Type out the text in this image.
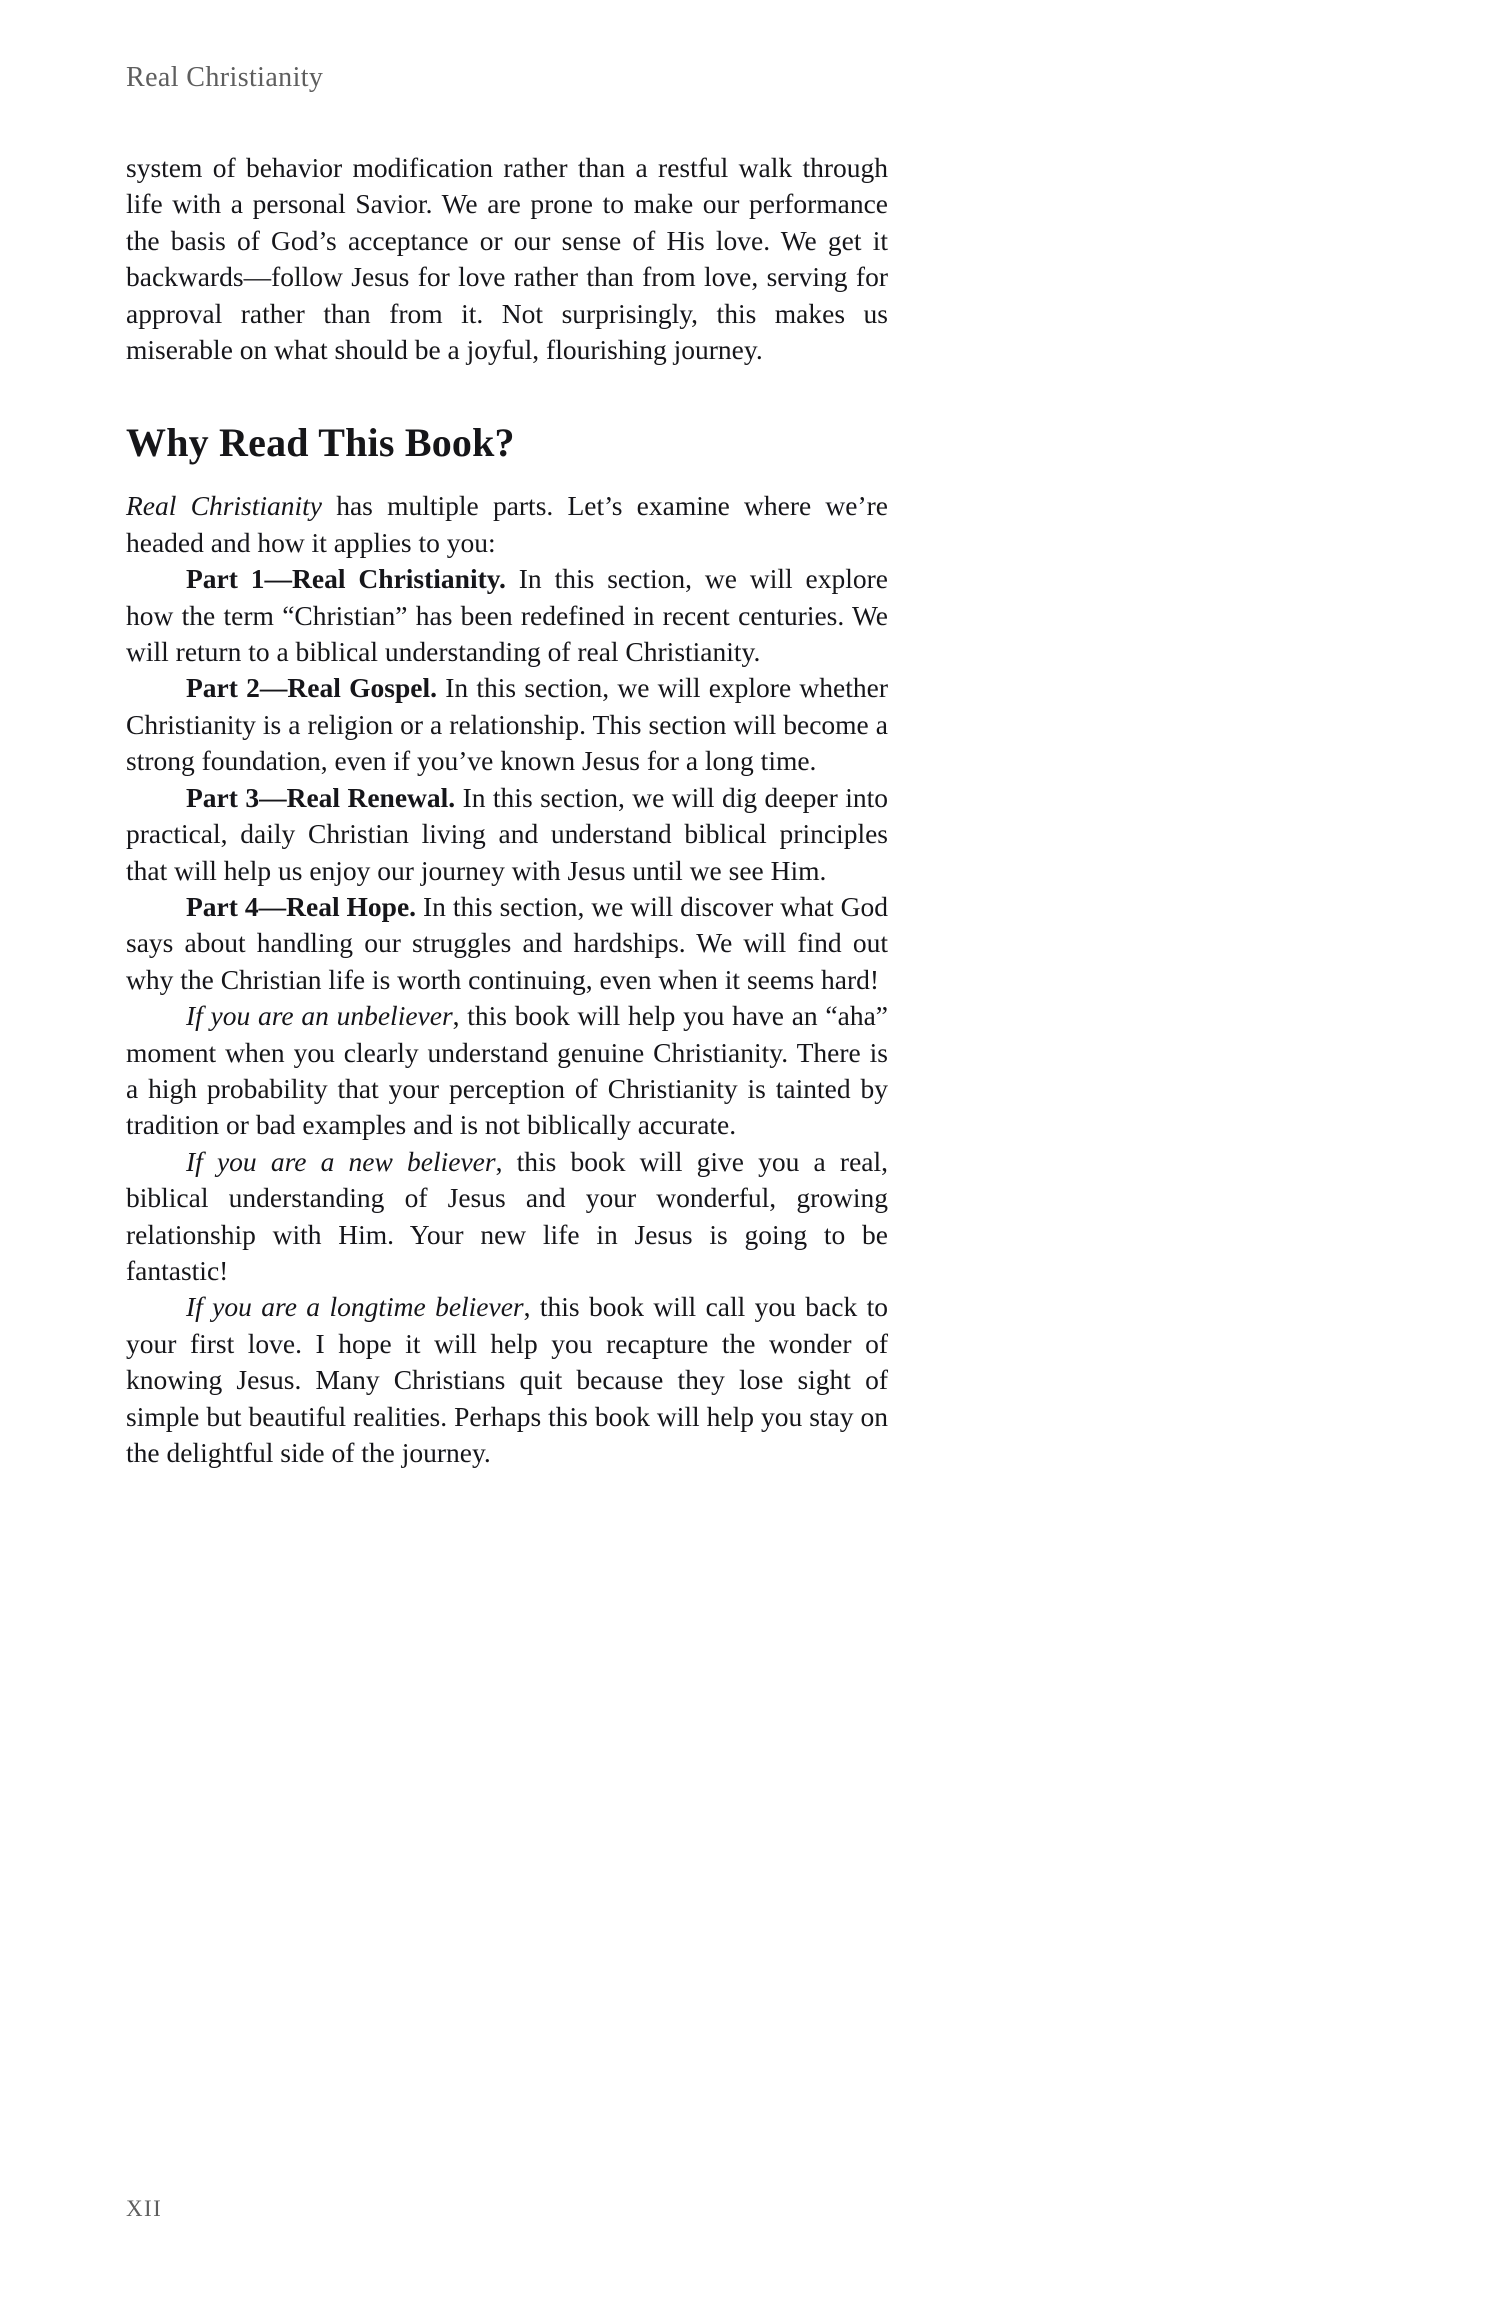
Real Christianity

system of behavior modification rather than a restful walk through life with a personal Savior. We are prone to make our performance the basis of God’s acceptance or our sense of His love. We get it backwards—follow Jesus for love rather than from love, serving for approval rather than from it. Not surprisingly, this makes us miserable on what should be a joyful, flourishing journey.

Why Read This Book?

Real Christianity has multiple parts. Let’s examine where we’re headed and how it applies to you:

Part 1—Real Christianity. In this section, we will explore how the term “Christian” has been redefined in recent centuries. We will return to a biblical understanding of real Christianity.

Part 2—Real Gospel. In this section, we will explore whether Christianity is a religion or a relationship. This section will become a strong foundation, even if you’ve known Jesus for a long time.

Part 3—Real Renewal. In this section, we will dig deeper into practical, daily Christian living and understand biblical principles that will help us enjoy our journey with Jesus until we see Him.

Part 4—Real Hope. In this section, we will discover what God says about handling our struggles and hardships. We will find out why the Christian life is worth continuing, even when it seems hard!

If you are an unbeliever, this book will help you have an “aha” moment when you clearly understand genuine Christianity. There is a high probability that your perception of Christianity is tainted by tradition or bad examples and is not biblically accurate.

If you are a new believer, this book will give you a real, biblical understanding of Jesus and your wonderful, growing relationship with Him. Your new life in Jesus is going to be fantastic!

If you are a longtime believer, this book will call you back to your first love. I hope it will help you recapture the wonder of knowing Jesus. Many Christians quit because they lose sight of simple but beautiful realities. Perhaps this book will help you stay on the delightful side of the journey.

XII
